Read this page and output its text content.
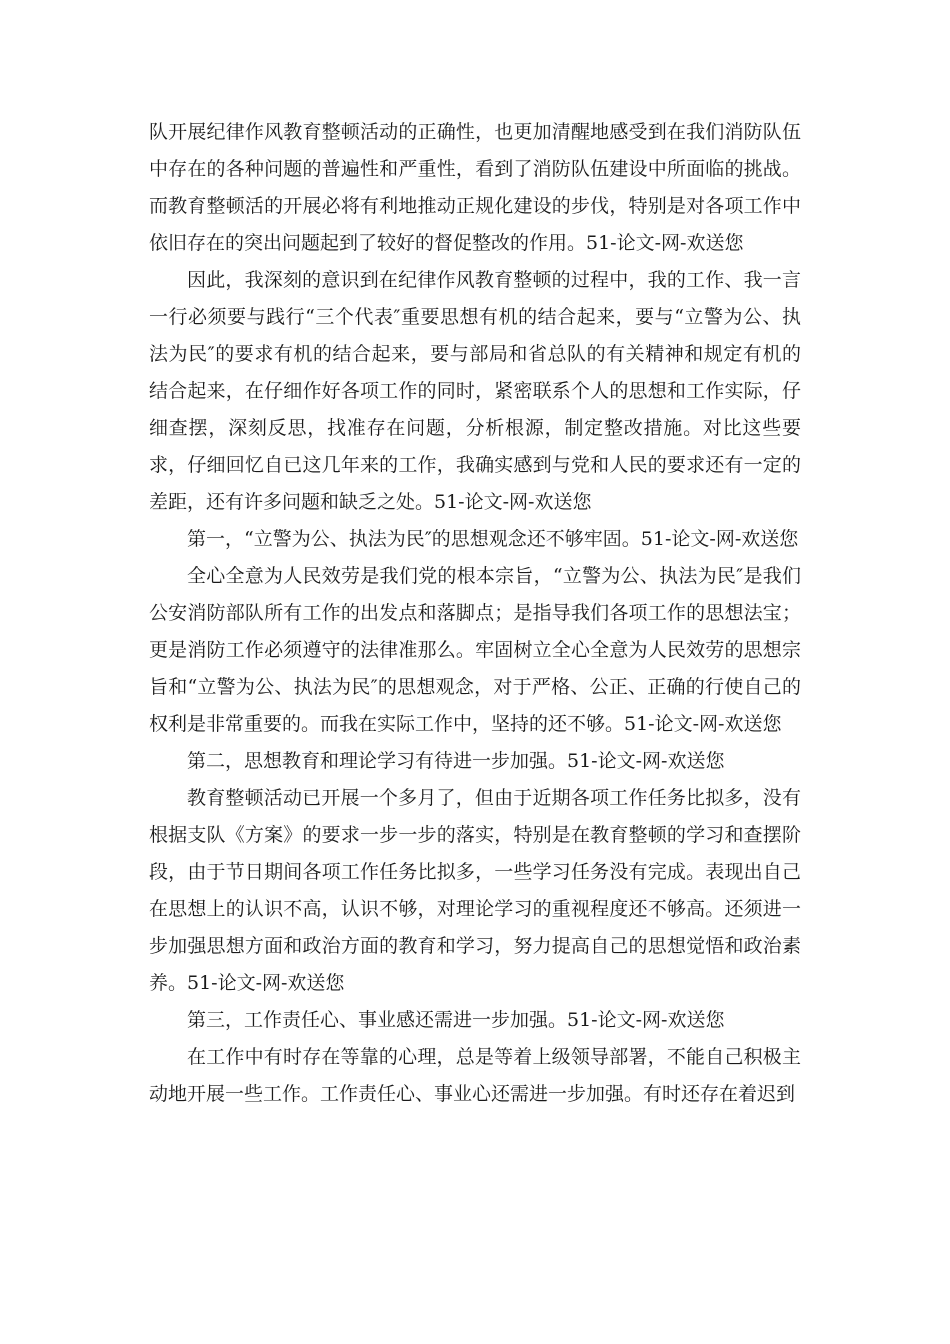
队开展纪律作风教育整顿活动的正确性，也更加清醒地感受到在我们消防队伍中存在的各种问题的普遍性和严重性，看到了消防队伍建设中所面临的挑战。而教育整顿活的开展必将有利地推动正规化建设的步伐，特别是对各项工作中依旧存在的突出问题起到了较好的督促整改的作用。51-论文-网-欢送您

因此，我深刻的意识到在纪律作风教育整顿的过程中，我的工作、我一言一行必须要与践行“三个代表″重要思想有机的结合起来，要与“立警为公、执法为民″的要求有机的结合起来，要与部局和省总队的有关精神和规定有机的结合起来，在仔细作好各项工作的同时，紧密联系个人的思想和工作实际，仔细查摆，深刻反思，找准存在问题，分析根源，制定整改措施。对比这些要求，仔细回忆自已这几年来的工作，我确实感到与党和人民的要求还有一定的差距，还有许多问题和缺乏之处。51-论文-网-欢送您

第一，“立警为公、执法为民″的思想观念还不够牢固。51-论文-网-欢送您

全心全意为人民效劳是我们党的根本宗旨，“立警为公、执法为民″是我们公安消防部队所有工作的出发点和落脚点；是指导我们各项工作的思想法宝；更是消防工作必须遵守的法律准那么。牢固树立全心全意为人民效劳的思想宗旨和“立警为公、执法为民″的思想观念，对于严格、公正、正确的行使自己的权利是非常重要的。而我在实际工作中，坚持的还不够。51-论文-网-欢送您

第二，思想教育和理论学习有待进一步加强。51-论文-网-欢送您

教育整顿活动已开展一个多月了，但由于近期各项工作任务比拟多，没有根据支队《方案》的要求一步一步的落实，特别是在教育整顿的学习和查摆阶段，由于节日期间各项工作任务比拟多，一些学习任务没有完成。表现出自己在思想上的认识不高，认识不够，对理论学习的重视程度还不够高。还须进一步加强思想方面和政治方面的教育和学习，努力提高自己的思想觉悟和政治素养。51-论文-网-欢送您

第三，工作责任心、事业感还需进一步加强。51-论文-网-欢送您

在工作中有时存在等靠的心理，总是等着上级领导部署，不能自己积极主动地开展一些工作。工作责任心、事业心还需进一步加强。有时还存在着迟到
